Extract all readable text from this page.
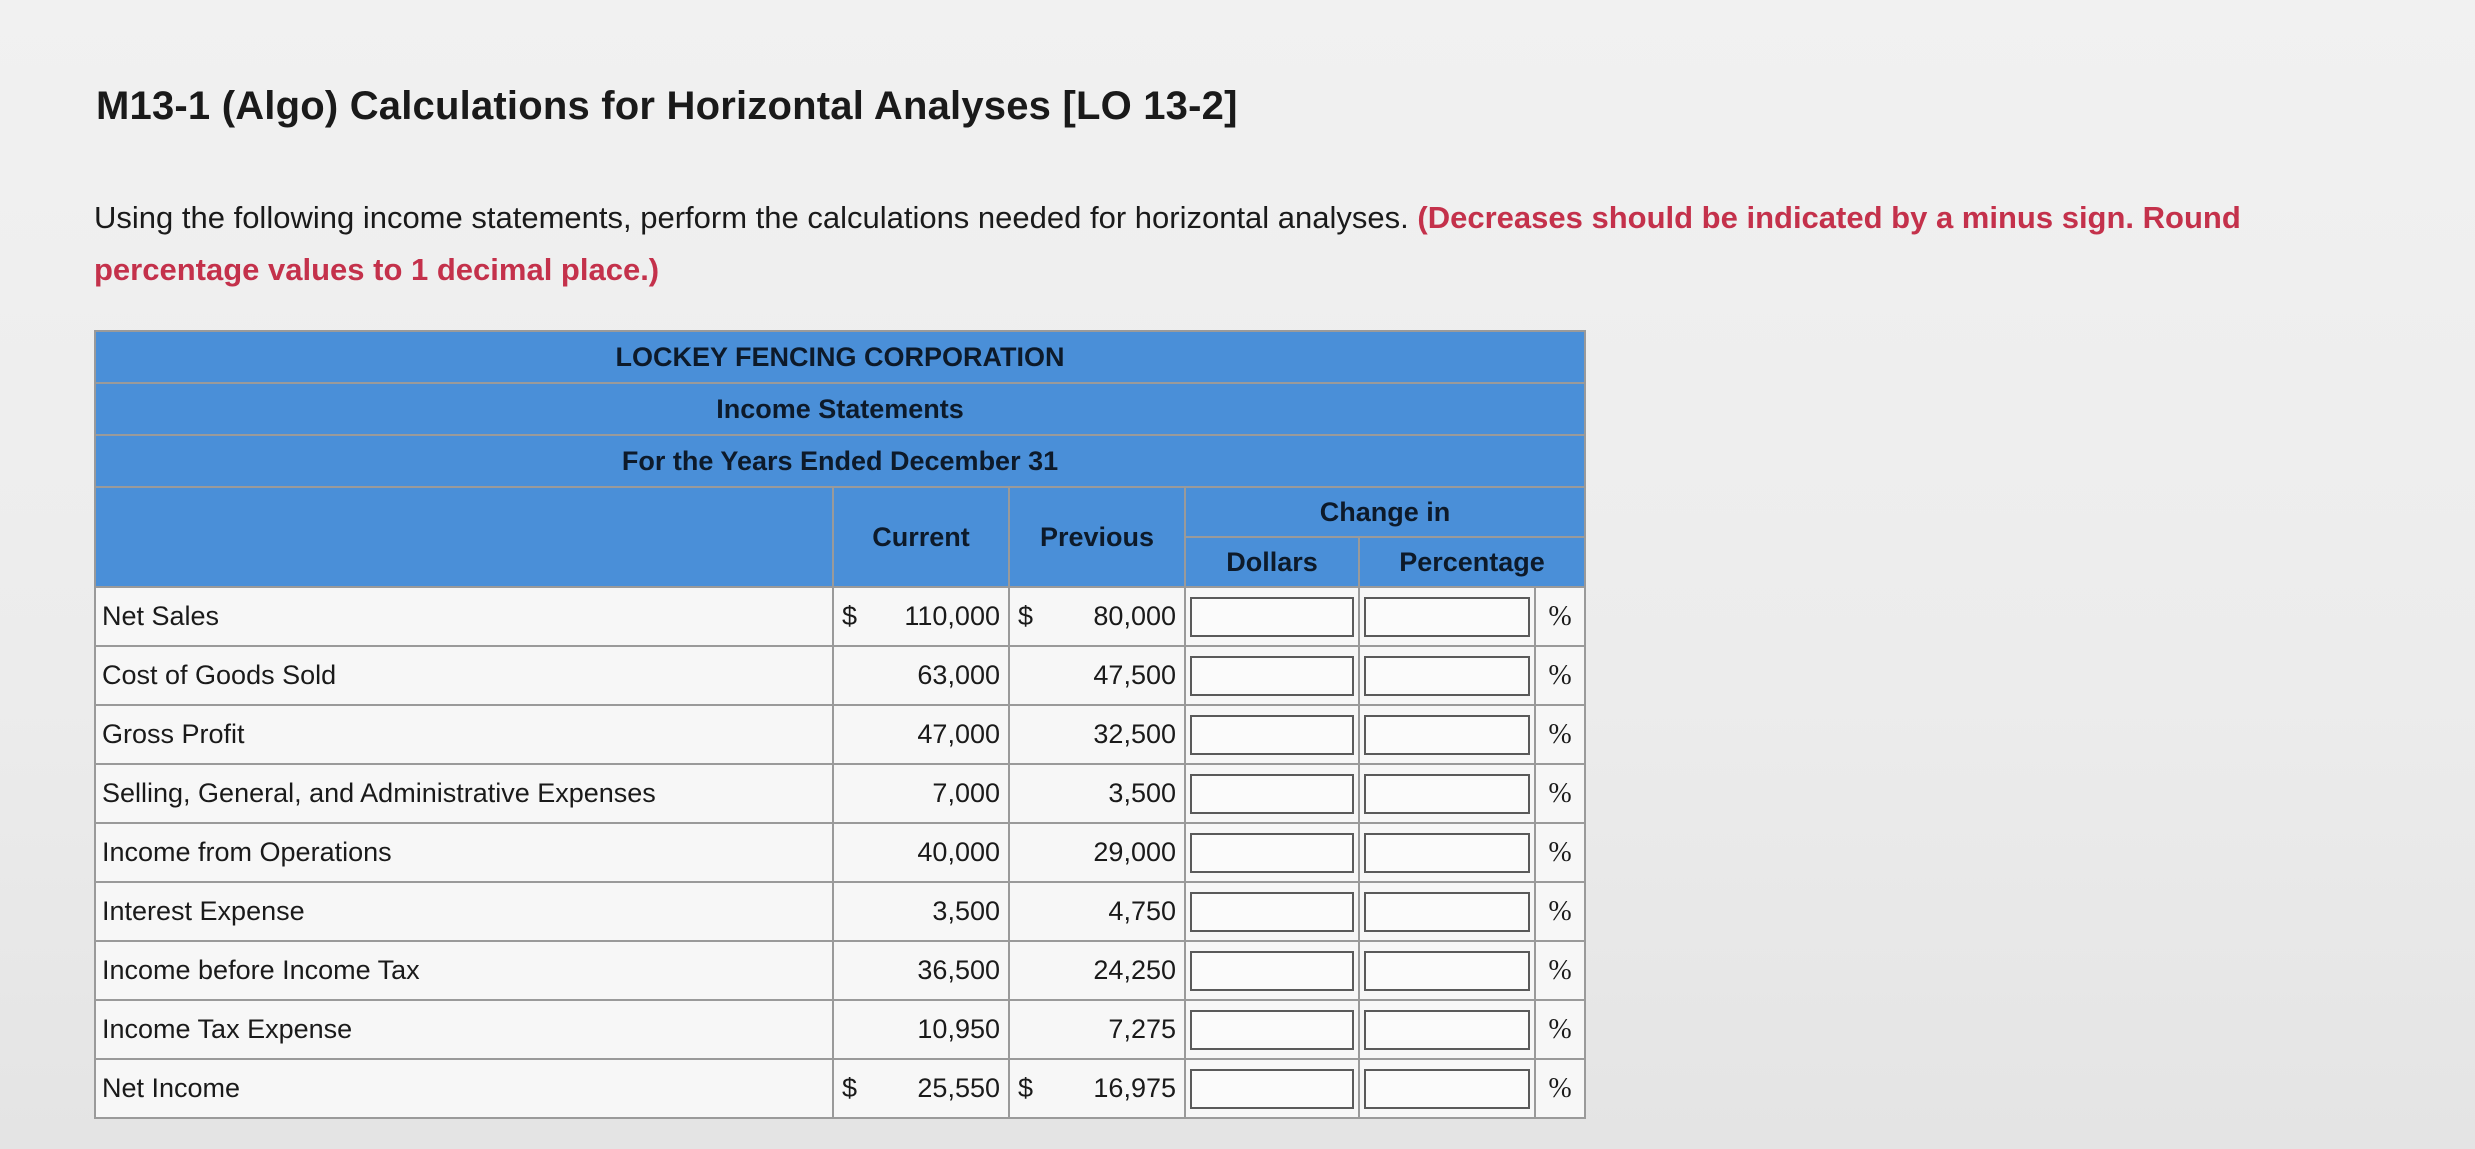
M13-1 (Algo) Calculations for Horizontal Analyses [LO 13-2]

Using the following income statements, perform the calculations needed for horizontal analyses. (Decreases should be indicated by a minus sign. Round percentage values to 1 decimal place.)

LOCKEY FENCING CORPORATION					
Income Statements					
For the Years Ended December 31					
	Current	Previous	Change in		
			Dollars	Percentage	
Net Sales	$ 110,000	$ 80,000			%
Cost of Goods Sold	63,000	47,500			%
Gross Profit	47,000	32,500			%
Selling, General, and Administrative Expenses	7,000	3,500			%
Income from Operations	40,000	29,000			%
Interest Expense	3,500	4,750			%
Income before Income Tax	36,500	24,250			%
Income Tax Expense	10,950	7,275			%
Net Income	$ 25,550	$ 16,975			%
